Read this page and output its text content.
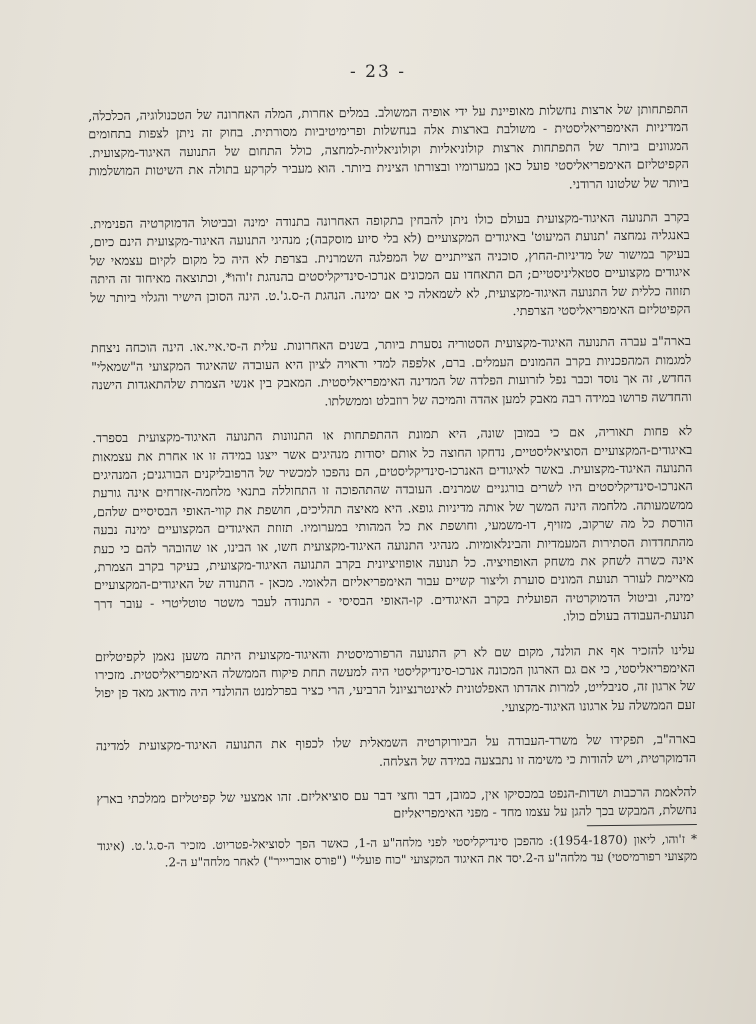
- 23 -

התפתחותן של ארצות נחשלות מאופיינת על ידי אופיה המשולב. במלים אחרות, המלה האחרונה של הטכנולוגיה, הכלכלה, המדיניות האימפריאליסטית - משולבת בארצות אלה בנחשלות ופרימיטיביות מסורתית. בחוק זה ניתן לצפות בתחומים המגוונים ביותר של התפתחות ארצות קולוניאליות וקולוניאליות-למחצה, כולל התחום של התנועה האיגוד-מקצועית. הקפיטליזם האימפריאליסטי פועל כאן במערומיו ובצורתו הצינית ביותר. הוא מעביר לקרקע בתולה את השיטות המושלמות ביותר של שלטונו הרודני.

בקרב התנועה האיגוד-מקצועית בעולם כולו ניתן להבחין בתקופה האחרונה בתנודה ימינה ובביטול הדמוקרטיה הפנימית. באנגליה נמחצה 'תנועת המיעוט' באיגודים המקצועיים (לא בלי סיוע מוסקבה); מנהיגי התנועה האיגוד-מקצועית הינם כיום, בעיקר במישור של מדיניות-החוץ, סוכניה הצייתניים של המפלגה השמרנית. בצרפת לא היה כל מקום לקיום עצמאי של איגודים מקצועיים סטאליניסטיים; הם התאחדו עם המכונים אנרכו-סינדיקליסטים בהנהגת ז'והו*, וכתוצאה מאיחוד זה היתה תזוזה כללית של התנועה האיגוד-מקצועית, לא לשמאלה כי אם ימינה. הנהגת ה-ס.ג'.ט. הינה הסוכן הישיר והגלוי ביותר של הקפיטליזם האימפריאליסטי הצרפתי.

בארה"ב עברה התנועה האיגוד-מקצועית הסטוריה נסערת ביותר, בשנים האחרונות. עלית ה-סי.איי.או. הינה הוכחה ניצחת למגמות המהפכניות בקרב ההמונים העמלים. ברם, אלפפה למדי וראויה לציון היא העובדה שהאיגוד המקצועי ה"שמאלי" החדש, זה אך נוסד וכבר נפל לזרועות הפלדה של המדינה האימפריאליסטית. המאבק בין אנשי הצמרת שלהתאגדות הישנה והחדשה פרושו במידה רבה מאבק למען אהדה והמיכה של רוזבלט וממשלתו.

לא פחות תאוריה, אם כי במובן שונה, היא תמונת ההתפתחות או התנוונות התנועה האיגוד-מקצועית בספרד. באיגודים-המקצועיים הסוציאליסטיים, נדחקו החוצה כל אותם יסודות מנהיגים אשר ייצגו במידה זו או אחרת את עצמאות התנועה האיגוד-מקצועית. באשר לאיגודים האנרכו-סינדיקליסטים, הם נהפכו למכשיר של הרפובליקנים הבורגנים; המנהיגים האנרכו-סינדיקליסטים היו לשרים בורגניים שמרנים. העובדה שהתהפוכה זו התחוללה בתנאי מלחמה-אזרחים אינה גורעת ממשמעותה. מלחמה הינה המשך של אותה מדיניות גופא. היא מאיצה תהליכים, חושפת את קווי-האופי הבסיסיים שלהם, הורסת כל מה שרקוב, מזויף, דו-משמעי, וחושפת את כל המהותי במערומיו. תזוזת האיגודים המקצועיים ימינה נבעה מהתחדדות הסתירות המעמדיות והבינלאומיות. מנהיגי התנועה האיגוד-מקצועית חשו, או הבינו, או שהובהר להם כי כעת אינה כשרה לשחק את משחק האופוזיציה. כל תנועה אופוזיציונית בקרב התנועה האיגוד-מקצועית, בעיקר בקרב הצמרת, מאיימת לעורר תנועת המונים סוערת וליצור קשיים עבור האימפריאליזם הלאומי. מכאן - התנודה של האיגודים-המקצועיים ימינה, וביטול הדמוקרטיה הפועלית בקרב האיגודים. קו-האופי הבסיסי - התנודה לעבר משטר טוטליטרי - עובר דרך תנועת-העבודה בעולם כולו.

עלינו להזכיר אף את הולנד, מקום שם לא רק התנועה הרפורמיסטית והאיגוד-מקצועית היתה משען נאמן לקפיטליזם האימפריאליסטי, כי אם גם הארגון המכונה אנרכו-סינדיקליסטי היה למעשה תחת פיקוח הממשלה האימפריאליסטית. מזכירו של ארגון זה, סניבלייט, למרות אהדתו האפלטונית לאינטרנציונל הרביעי, הרי כציר בפרלמנט ההולנדי היה מודאג מאד פן יפול זעם הממשלה על ארגונו האיגוד-מקצועי.

בארה"ב, תפקידו של משרד-העבודה על הביורוקרטיה השמאלית שלו לכפוף את התנועה האיגוד-מקצועית למדינה הדמוקרטית, ויש להודות כי משימה זו נתבצעה במידה של הצלחה.

להלאמת הרכבות ושדות-הנפט במכסיקו אין, כמובן, דבר וחצי דבר עם סוציאליזם. זהו אמצעי של קפיטליזם ממלכתי בארץ נחשלת, המבקש בכך להגן על עצמו מחד - מפני האימפריאליזם

* ז'והו, ליאון (1954-1870): מהפכן סינדיקליסטי לפני מלחה"ע ה-1, כאשר הפך לסוציאל-פטריוט. מזכיר ה-ס.ג'.ט. (איגוד מקצועי רפורמיסטי) עד מלחה"ע ה-2.יסד את האיגוד המקצועי "כוח פועלי" ("פורס אובריייר") לאחר מלחה"ע ה-2.
